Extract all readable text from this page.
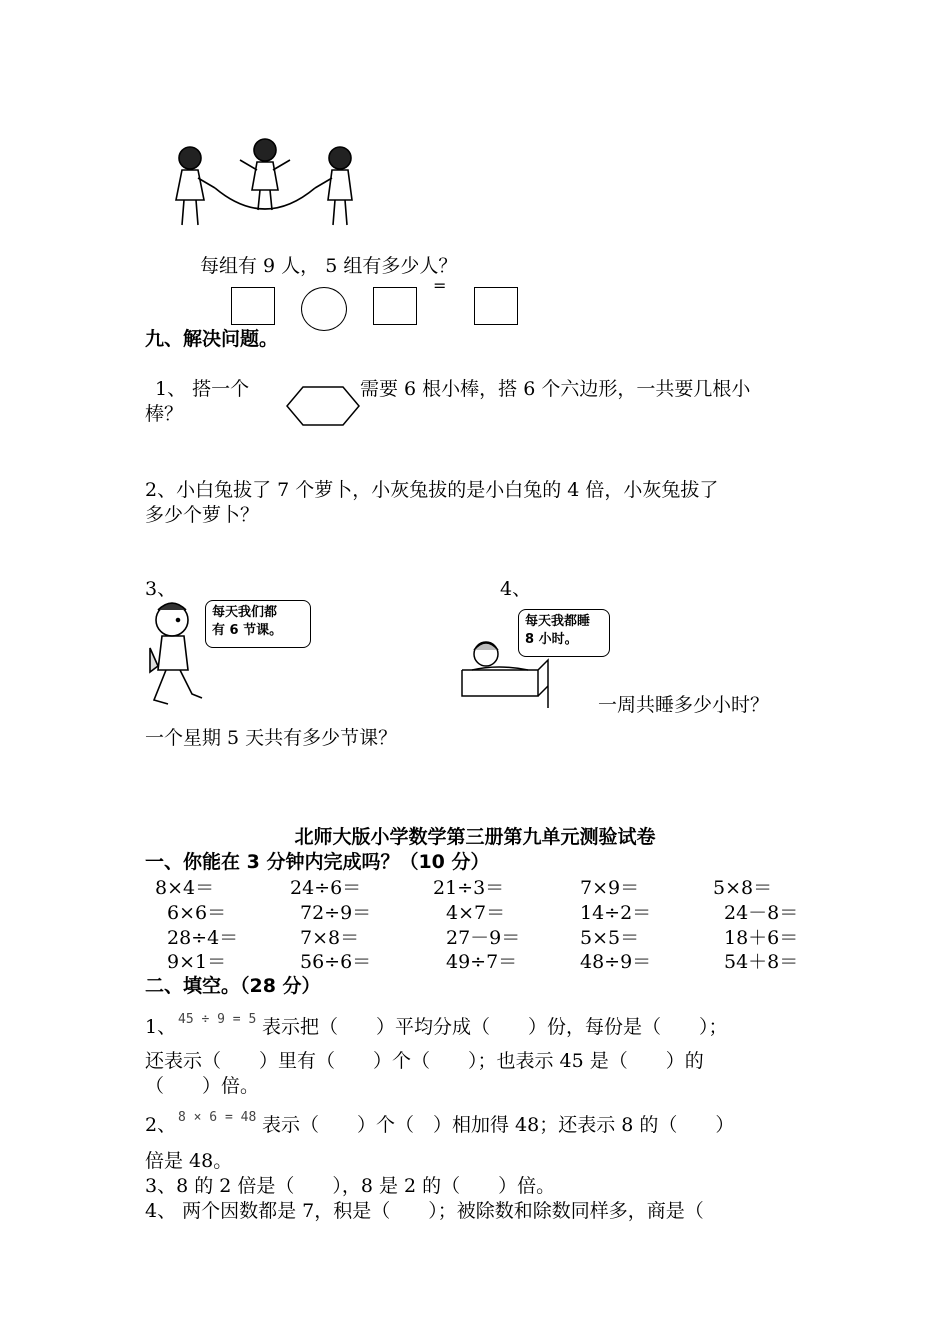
每组有 9 人， 5 组有多少人？
=
九、解决问题。
1、 搭一个	需要 6 根小棒，搭 6 个六边形，一共要几根小
棒？
2、小白兔拔了 7 个萝卜，小灰兔拔的是小白兔的 4 倍，小灰兔拔了
多少个萝卜？
3、
每天我们都
有 6 节课。
一个星期 5 天共有多少节课？
4、
每天我都睡
8 小时。
一周共睡多少小时？
北师大版小学数学第三册第九单元测验试卷
一、你能在 3 分钟内完成吗？（10 分）
8×4＝	24÷6＝	21÷3＝	7×9＝	5×8＝
6×6＝	72÷9＝	4×7＝	14÷2＝	24－8＝
28÷4＝	7×8＝	27－9＝	5×5＝	18＋6＝
9×1＝	56÷6＝	49÷7＝	48÷9＝	54＋8＝
二、填空。（28 分）
1、 45 ÷ 9 = 5 表示把（　　）平均分成（　　）份，每份是（　　）；
还表示（　　）里有（　　）个（　　）；也表示 45 是（　　）的
（　　）倍。
2、 8 × 6 = 48 表示（　　）个（　）相加得 48；还表示 8 的（　　）
倍是 48。
3、8 的 2 倍是（　　），8 是 2 的（　　）倍。
4、 两个因数都是 7，积是（　　）；被除数和除数同样多，商是（
